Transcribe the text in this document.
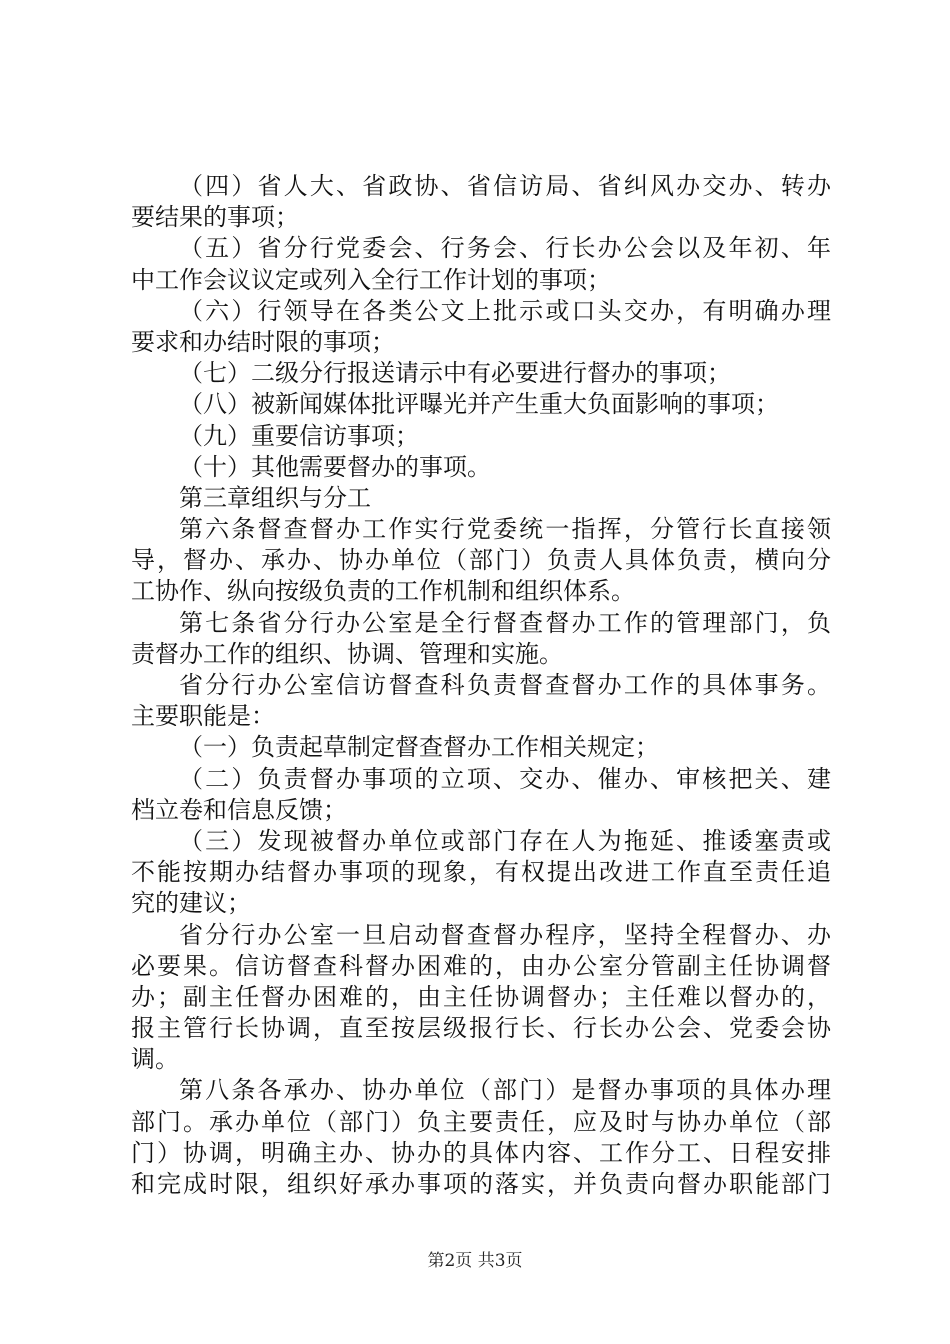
（四）省人大、省政协、省信访局、省纠风办交办、转办
要结果的事项；
（五）省分行党委会、行务会、行长办公会以及年初、年
中工作会议议定或列入全行工作计划的事项；
（六）行领导在各类公文上批示或口头交办，有明确办理
要求和办结时限的事项；
（七）二级分行报送请示中有必要进行督办的事项；
（八）被新闻媒体批评曝光并产生重大负面影响的事项；
（九）重要信访事项；
（十）其他需要督办的事项。
第三章组织与分工
第六条督查督办工作实行党委统一指挥，分管行长直接领
导，督办、承办、协办单位（部门）负责人具体负责，横向分
工协作、纵向按级负责的工作机制和组织体系。
第七条省分行办公室是全行督查督办工作的管理部门，负
责督办工作的组织、协调、管理和实施。
省分行办公室信访督查科负责督查督办工作的具体事务。
主要职能是：
（一）负责起草制定督查督办工作相关规定；
（二）负责督办事项的立项、交办、催办、审核把关、建
档立卷和信息反馈；
（三）发现被督办单位或部门存在人为拖延、推诿塞责或
不能按期办结督办事项的现象，有权提出改进工作直至责任追
究的建议；
省分行办公室一旦启动督查督办程序，坚持全程督办、办
必要果。信访督查科督办困难的，由办公室分管副主任协调督
办；副主任督办困难的，由主任协调督办；主任难以督办的，
报主管行长协调，直至按层级报行长、行长办公会、党委会协
调。
第八条各承办、协办单位（部门）是督办事项的具体办理
部门。承办单位（部门）负主要责任，应及时与协办单位（部
门）协调，明确主办、协办的具体内容、工作分工、日程安排
和完成时限，组织好承办事项的落实，并负责向督办职能部门
第2页 共3页
